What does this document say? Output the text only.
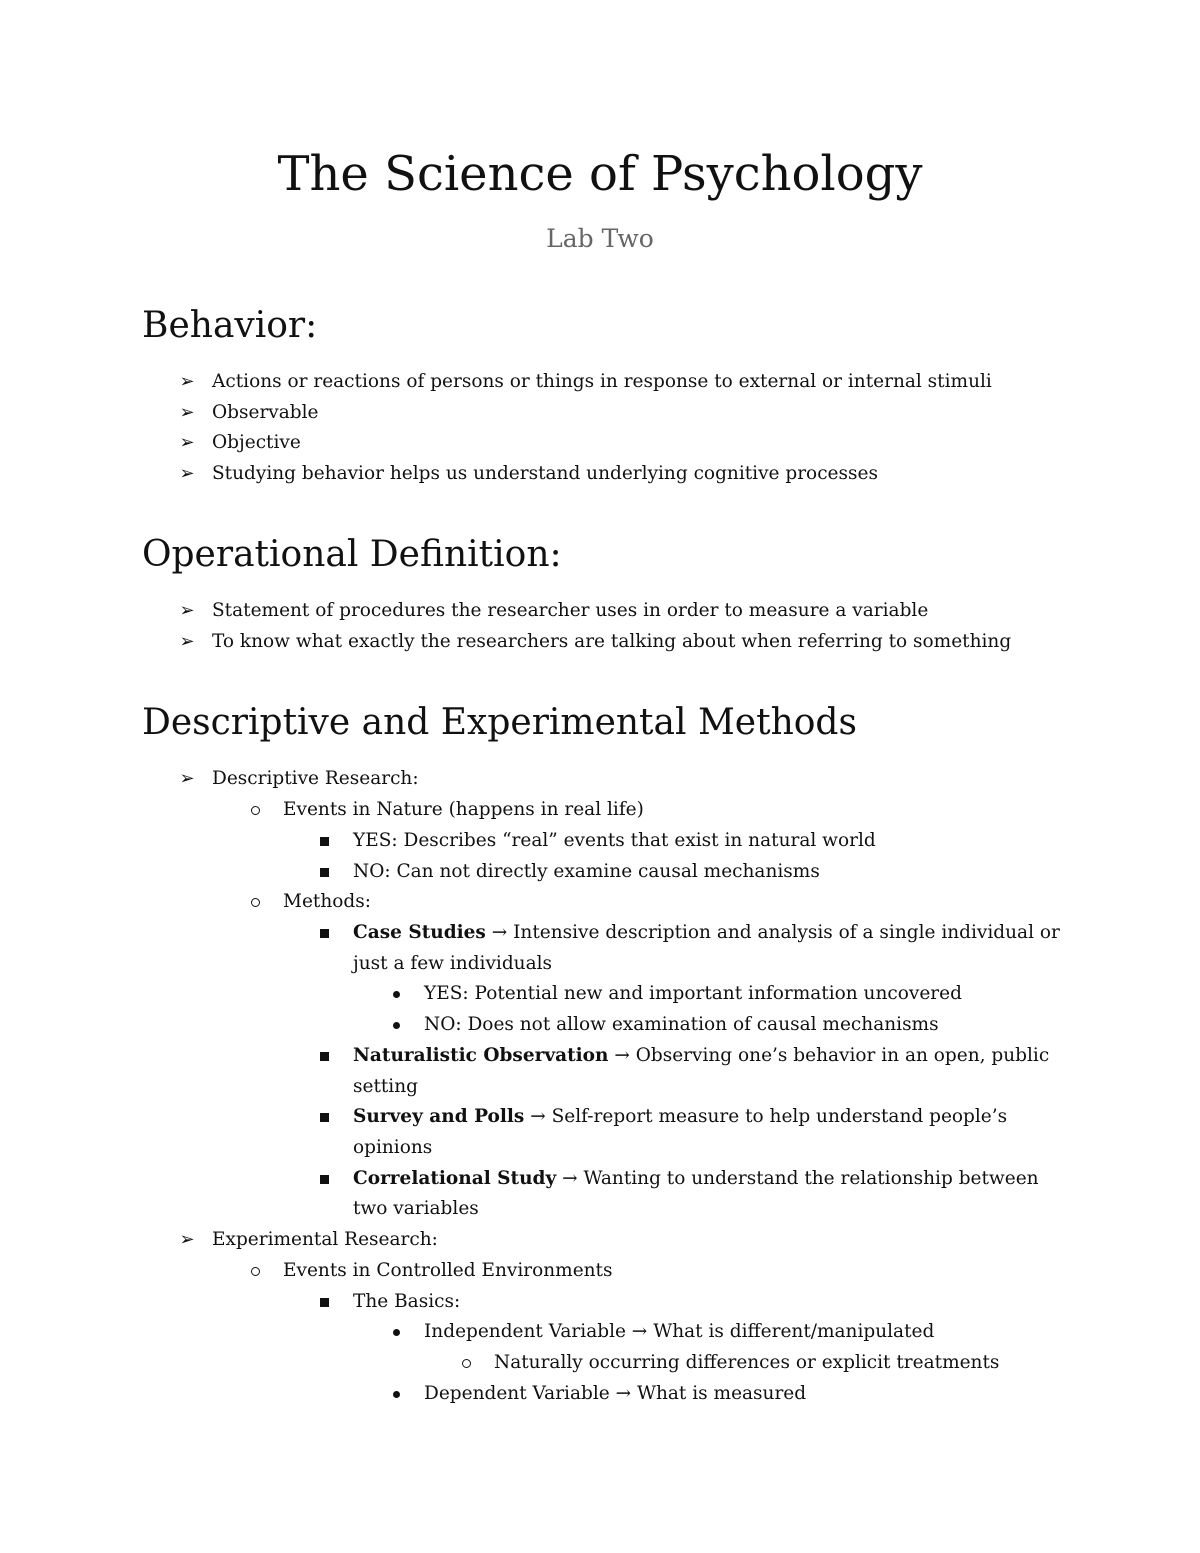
The Science of Psychology
Lab Two
Behavior:
➢ Actions or reactions of persons or things in response to external or internal stimuli
➢ Observable
➢ Objective
➢ Studying behavior helps us understand underlying cognitive processes
Operational Definition:
➢ Statement of procedures the researcher uses in order to measure a variable
➢ To know what exactly the researchers are talking about when referring to something
Descriptive and Experimental Methods
➢ Descriptive Research:
Events in Nature (happens in real life)
YES: Describes “real” events that exist in natural world
NO: Can not directly examine causal mechanisms
Methods:
Case Studies → Intensive description and analysis of a single individual or
just a few individuals
YES: Potential new and important information uncovered
NO: Does not allow examination of causal mechanisms
Naturalistic Observation → Observing one’s behavior in an open, public
setting
Survey and Polls → Self-report measure to help understand people’s
opinions
Correlational Study → Wanting to understand the relationship between
two variables
➢ Experimental Research:
Events in Controlled Environments
The Basics:
Independent Variable → What is different/manipulated
Naturally occurring differences or explicit treatments
Dependent Variable → What is measured
